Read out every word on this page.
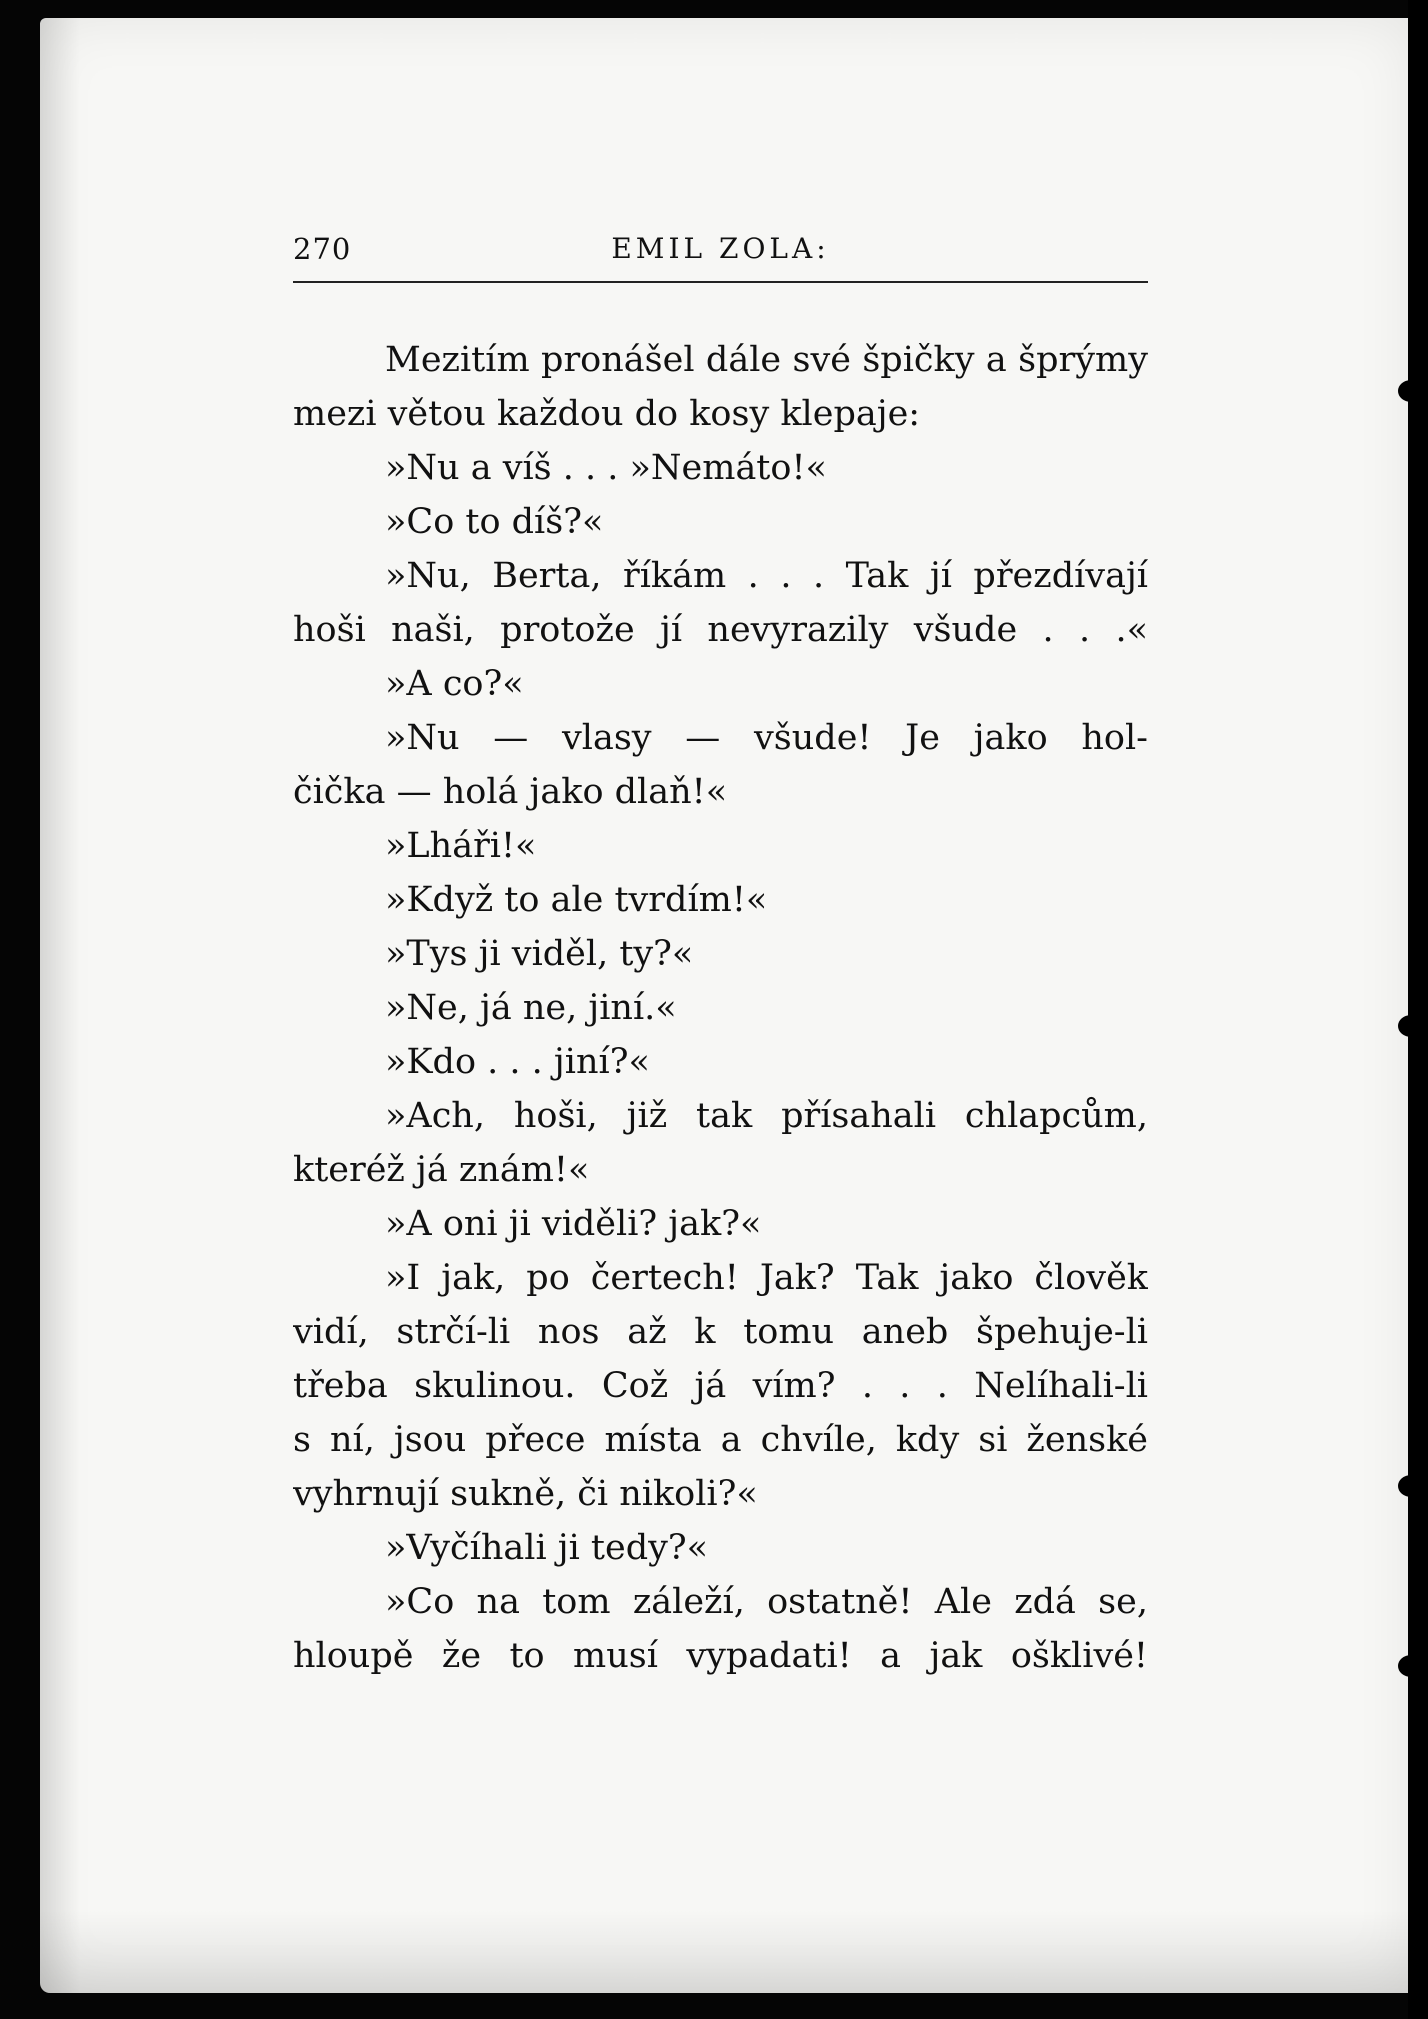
270	EMIL ZOLA:
Mezitím pronášel dále své špičky a šprýmy
mezi větou každou do kosy klepaje:
»Nu a víš . . . »Nemáto!«
»Co to díš?«
»Nu, Berta, říkám . . . Tak jí přezdívají
hoši naši, protože jí nevyrazily všude . . .«
»A co?«
»Nu — vlasy — všude! Je jako hol-
čička — holá jako dlaň!«
»Lháři!«
»Když to ale tvrdím!«
»Tys ji viděl, ty?«
»Ne, já ne, jiní.«
»Kdo . . . jiní?«
»Ach, hoši, již tak přísahali chlapcům,
kteréž já znám!«
»A oni ji viděli? jak?«
»I jak, po čertech! Jak? Tak jako člověk
vidí, strčí-li nos až k tomu aneb špehuje-li
třeba skulinou. Což já vím? . . . Nelíhali-li
s ní, jsou přece místa a chvíle, kdy si ženské
vyhrnují sukně, či nikoli?«
»Vyčíhali ji tedy?«
»Co na tom záleží, ostatně! Ale zdá se,
hloupě že to musí vypadati! a jak ošklivé!
